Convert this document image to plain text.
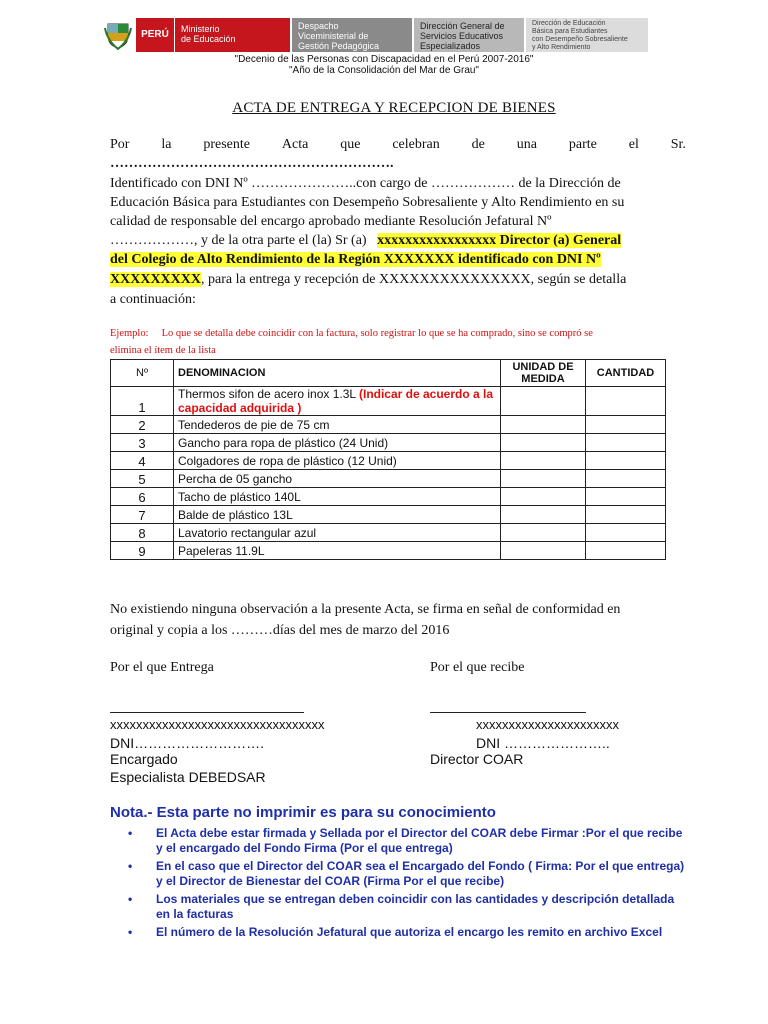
PERÚ	Ministerio
de Educación
Despacho
Viceministerial de
Gestión Pedagógica
Dirección General de
Servicios Educativos
Especializados
Dirección de Educación
Básica para Estudiantes
con Desempeño Sobresaliente
y Alto Rendimiento
"Decenio de las Personas con Discapacidad en el Perú 2007-2016"
"Año de la Consolidación del Mar de Grau"
ACTA DE ENTREGA Y RECEPCION DE BIENES
Por la presente Acta que celebran de una parte el Sr.
…………………………………………………….
Identificado con DNI Nº …………………..con cargo de ……………… de la Dirección de
Educación Básica para Estudiantes con Desempeño Sobresaliente y Alto Rendimiento en su
calidad de responsable del encargo aprobado mediante Resolución Jefatural Nº
………………, y de la otra parte el (la) Sr (a) xxxxxxxxxxxxxxxxx Director (a) General
del Colegio de Alto Rendimiento de la Región XXXXXXX identificado con DNI Nº
XXXXXXXXX, para la entrega y recepción de XXXXXXXXXXXXXXX, según se detalla
a continuación:
Ejemplo: Lo que se detalla debe coincidir con la factura, solo registrar lo que se ha comprado, sino se compró se
elimina el ítem de la lista
Nº	DENOMINACION	UNIDAD DE MEDIDA	CANTIDAD
1	Thermos sifon de acero inox 1.3L (Indicar de acuerdo a la capacidad adquirida )		
2	Tendederos de pie de 75 cm		
3	Gancho para ropa de plástico (24 Unid)		
4	Colgadores de ropa de plástico (12 Unid)		
5	Percha de 05 gancho		
6	Tacho de plástico 140L		
7	Balde de plástico 13L		
8	Lavatorio rectangular azul		
9	Papeleras 11.9L		
No existiendo ninguna observación a la presente Acta, se firma en señal de conformidad en
original y copia a los ………días del mes de marzo del 2016
Por el que Entrega	Por el que recibe
xxxxxxxxxxxxxxxxxxxxxxxxxxxxxxxxx	xxxxxxxxxxxxxxxxxxxxxx
DNI……………………….	DNI …………………..
Encargado	Director COAR
Especialista DEBEDSAR
Nota.- Esta parte no imprimir es para su conocimiento
•	El Acta debe estar firmada y Sellada por el Director del COAR debe Firmar :Por el que recibe y el encargado del Fondo Firma (Por el que entrega)
•	En el caso que el Director del COAR sea el Encargado del Fondo ( Firma: Por el que entrega) y el Director de Bienestar del COAR (Firma Por el que recibe)
•	Los materiales que se entregan deben coincidir con las cantidades y descripción detallada en la facturas
•	El número de la Resolución Jefatural que autoriza el encargo les remito en archivo Excel
